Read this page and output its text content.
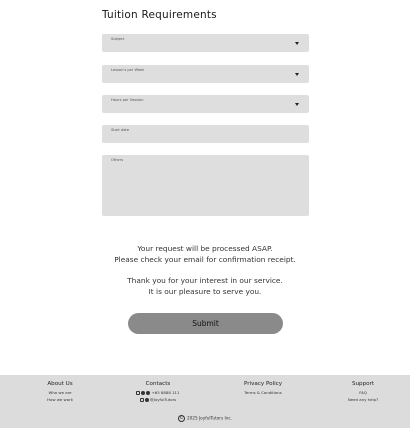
Tuition Requirements
Subject
Lesson's per Week
Hours per Session
Start date
Others
Your request will be processed ASAP.
Please check your email for confirmation receipt.
Thank you for your interest in our service.
It is our pleasure to serve you.
Submit
About Us
Who we are
How we work
Contacts
+65 8888 111
@JoyfulTutors
Privacy Policy
Terms & Conditions
Support
FAQ
Need any help?
© 2025 JoyfulTutors Inc.
